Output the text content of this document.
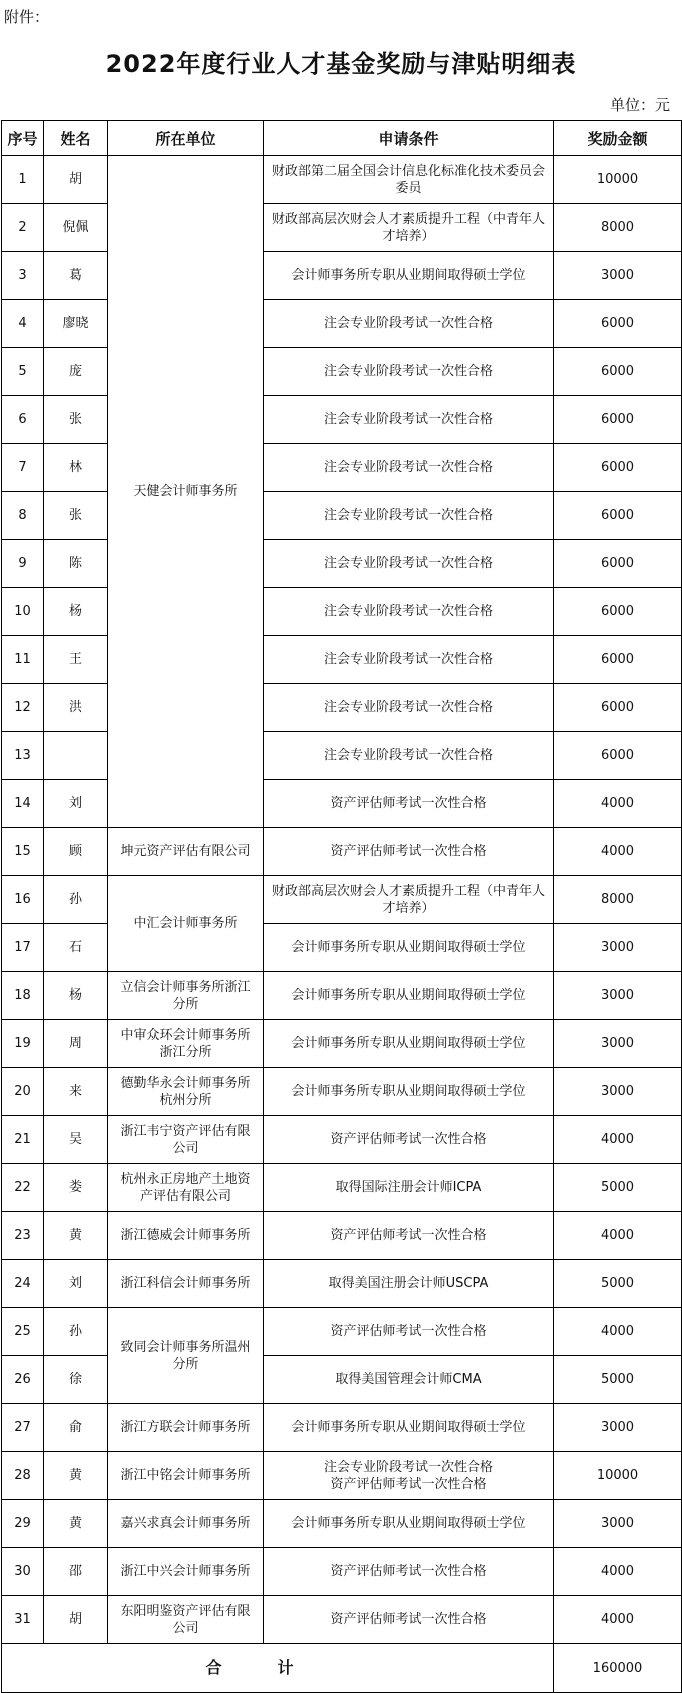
附件：
2022年度行业人才基金奖励与津贴明细表
单位：元
序号	姓名	所在单位	申请条件	奖励金额
1	胡	天健会计师事务所	财政部第二届全国会计信息化标准化技术委员会委员	10000
2	倪佩		财政部高层次财会人才素质提升工程（中青年人才培养）	8000
3	葛		会计师事务所专职从业期间取得硕士学位	3000
4	廖晓		注会专业阶段考试一次性合格	6000
5	庞		注会专业阶段考试一次性合格	6000
6	张		注会专业阶段考试一次性合格	6000
7	林		注会专业阶段考试一次性合格	6000
8	张		注会专业阶段考试一次性合格	6000
9	陈		注会专业阶段考试一次性合格	6000
10	杨		注会专业阶段考试一次性合格	6000
11	王		注会专业阶段考试一次性合格	6000
12	洪		注会专业阶段考试一次性合格	6000
13			注会专业阶段考试一次性合格	6000
14	刘		资产评估师考试一次性合格	4000
15	顾	坤元资产评估有限公司	资产评估师考试一次性合格	4000
16	孙	中汇会计师事务所	财政部高层次财会人才素质提升工程（中青年人才培养）	8000
17	石		会计师事务所专职从业期间取得硕士学位	3000
18	杨	立信会计师事务所浙江
分所	会计师事务所专职从业期间取得硕士学位	3000
19	周	中审众环会计师事务所
浙江分所	会计师事务所专职从业期间取得硕士学位	3000
20	来	德勤华永会计师事务所
杭州分所	会计师事务所专职从业期间取得硕士学位	3000
21	吴	浙江韦宁资产评估有限
公司	资产评估师考试一次性合格	4000
22	娄	杭州永正房地产土地资
产评估有限公司	取得国际注册会计师ICPA	5000
23	黄	浙江德威会计师事务所	资产评估师考试一次性合格	4000
24	刘	浙江科信会计师事务所	取得美国注册会计师USCPA	5000
25	孙	致同会计师事务所温州
分所	资产评估师考试一次性合格	4000
26	徐		取得美国管理会计师CMA	5000
27	俞	浙江方联会计师事务所	会计师事务所专职从业期间取得硕士学位	3000
28	黄	浙江中铭会计师事务所	注会专业阶段考试一次性合格
资产评估师考试一次性合格	10000
29	黄	嘉兴求真会计师事务所	会计师事务所专职从业期间取得硕士学位	3000
30	邵	浙江中兴会计师事务所	资产评估师考试一次性合格	4000
31	胡	东阳明鉴资产评估有限
公司	资产评估师考试一次性合格	4000
合计				160000
